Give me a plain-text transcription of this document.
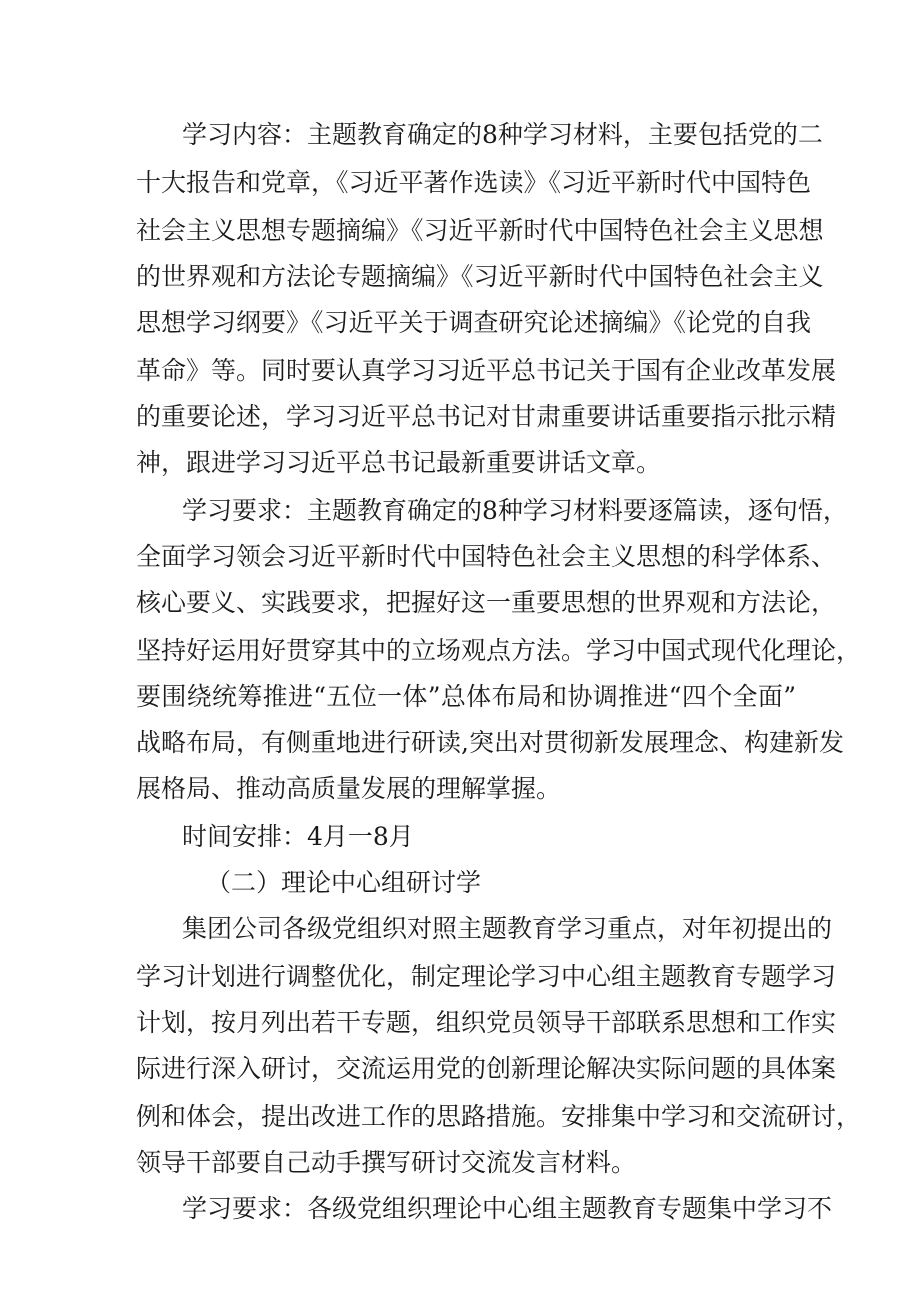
学习内容：主题教育确定的8种学习材料，主要包括党的二
十大报告和党章，《习近平著作选读》《习近平新时代中国特色
社会主义思想专题摘编》《习近平新时代中国特色社会主义思想
的世界观和方法论专题摘编》《习近平新时代中国特色社会主义
思想学习纲要》《习近平关于调查研究论述摘编》《论党的自我
革命》等。同时要认真学习习近平总书记关于国有企业改革发展
的重要论述，学习习近平总书记对甘肃重要讲话重要指示批示精
神，跟进学习习近平总书记最新重要讲话文章。
学习要求：主题教育确定的8种学习材料要逐篇读，逐句悟，
全面学习领会习近平新时代中国特色社会主义思想的科学体系、
核心要义、实践要求，把握好这一重要思想的世界观和方法论，
坚持好运用好贯穿其中的立场观点方法。学习中国式现代化理论，
要围绕统筹推进“五位一体”总体布局和协调推进“四个全面”
战略布局，有侧重地进行研读,突出对贯彻新发展理念、构建新发
展格局、推动高质量发展的理解掌握。
时间安排：4月一8月
（二）理论中心组研讨学
集团公司各级党组织对照主题教育学习重点，对年初提出的
学习计划进行调整优化，制定理论学习中心组主题教育专题学习
计划，按月列出若干专题，组织党员领导干部联系思想和工作实
际进行深入研讨，交流运用党的创新理论解决实际问题的具体案
例和体会，提出改进工作的思路措施。安排集中学习和交流研讨，
领导干部要自己动手撰写研讨交流发言材料。
学习要求：各级党组织理论中心组主题教育专题集中学习不
